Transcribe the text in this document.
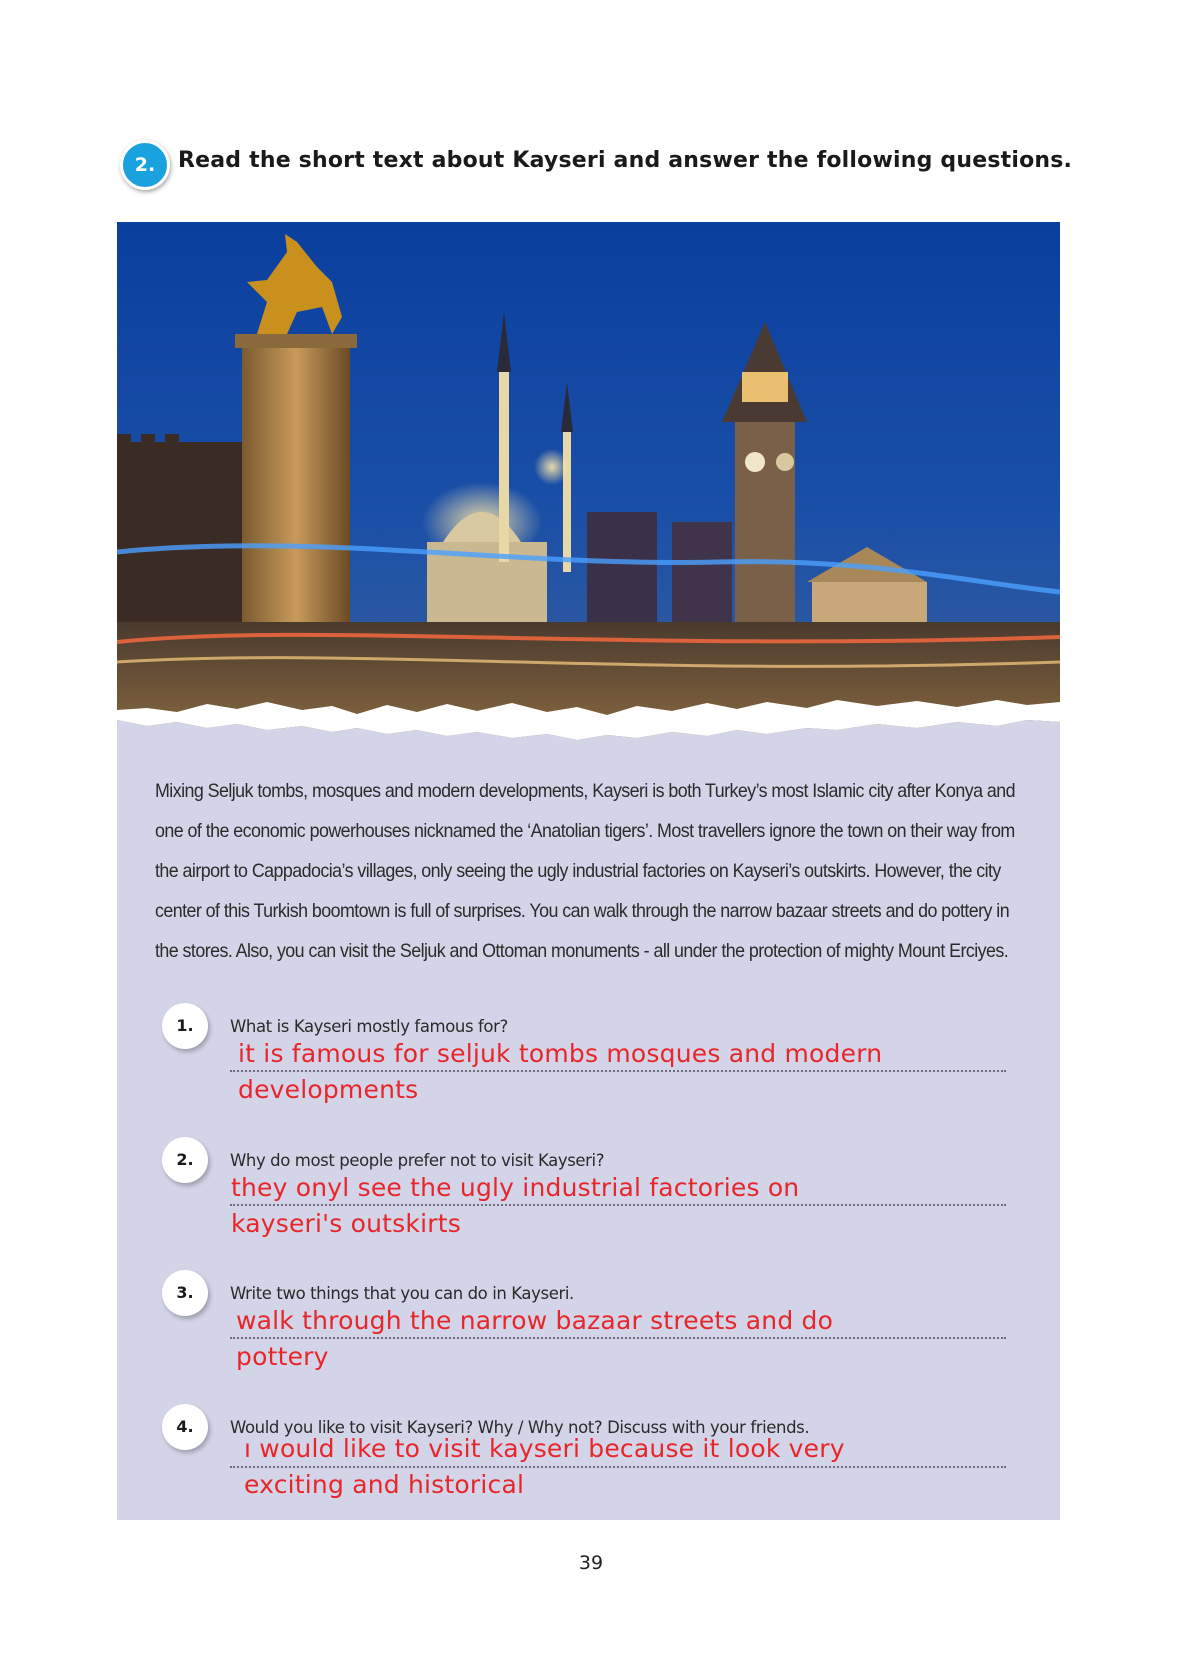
2.	Read the short text about Kayseri and answer the following questions.
Mixing Seljuk tombs, mosques and modern developments, Kayseri is both Turkey’s most Islamic city after Konya and
one of the economic powerhouses nicknamed the ‘Anatolian tigers’. Most travellers ignore the town on their way from
the airport to Cappadocia’s villages, only seeing the ugly industrial factories on Kayseri’s outskirts. However, the city
center of this Turkish boomtown is full of surprises. You can walk through the narrow bazaar streets and do pottery in
the stores. Also, you can visit the Seljuk and Ottoman monuments - all under the protection of mighty Mount Erciyes.
1.	What is Kayseri mostly famous for?
it is famous for seljuk tombs mosques and modern
developments
2.	Why do most people prefer not to visit Kayseri?
they onyl see the ugly industrial factories on
kayseri's outskirts
3.	Write two things that you can do in Kayseri.
walk through the narrow bazaar streets and do
pottery
4.	Would you like to visit Kayseri? Why / Why not? Discuss with your friends.
ı would like to visit kayseri because it look very
exciting and historical
39
